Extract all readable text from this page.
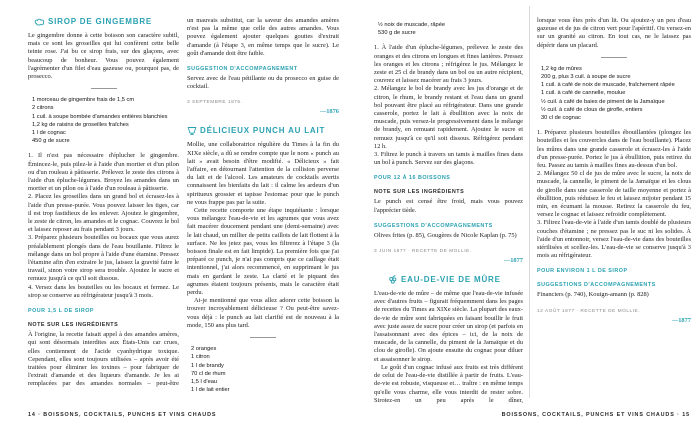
SIROP DE GINGEMBRE

Le gingembre donne à cette boisson son caractère subtil, mais ce sont les groseilles qui lui confèrent cette belle teinte rose. J'ai bu ce sirop frais, sur des glaçons, avec beaucoup de bonheur. Vous pouvez également l'agrémenter d'un filet d'eau gazeuse ou, pourquoi pas, de prosecco.

1 morceau de gingembre frais de 1,5 cm
2 citrons
1 cuil. à soupe bombée d'amandes entières blanchies
1,2 kg de raisins de groseilles fraîches
1 l de cognac
450 g de sucre

1. Il n'est pas nécessaire d'éplucher le gingembre. Émincez-le, puis pilez-le à l'aide d'un mortier et d'un pilon ou d'un rouleau à pâtisserie. Prélevez le zeste des citrons à l'aide d'un épluche-légumes. Broyez les amandes dans un mortier et un pilon ou à l'aide d'un rouleau à pâtisserie.

2. Placez les groseilles dans un grand bol et écrasez-les à l'aide d'un presse-purée. Vous pouvez laisser les tiges, car il est trop fastidieux de les enlever. Ajoutez le gingembre, le zeste de citron, les amandes et le cognac. Couvrez le bol et laissez reposer au frais pendant 3 jours.

3. Préparez plusieurs bouteilles ou bocaux que vous aurez préalablement plongés dans de l'eau bouillante. Filtrez le mélange dans un bol propre à l'aide d'une étamine. Pressez l'étamine afin d'en extraire le jus, laissez la gravité faire le travail, sinon votre sirop sera trouble. Ajoutez le sucre et remuez jusqu'à ce qu'il soit dissous.

4. Versez dans les bouteilles ou les bocaux et fermez. Le sirop se conserve au réfrigérateur jusqu'à 3 mois.

POUR 1,5 L DE SIROP
NOTE SUR LES INGRÉDIENTS

À l'origine, la recette faisait appel à des amandes amères, qui sont désormais interdites aux États-Unis car crues, elles contiennent de l'acide cyanhydrique toxique. Cependant, elles sont toujours utilisées – après avoir été traitées pour éliminer les toxines – pour fabriquer de l'extrait d'amande et des liqueurs d'amande. Je les ai remplacées par des amandes normales – peut-être

un mauvais substitut, car la saveur des amandes amères n'est pas la même que celle des autres amandes. Vous pouvez également ajouter quelques gouttes d'extrait d'amande (à l'étape 3, en même temps que le sucre). Le goût d'amande doit être faible.

SUGGESTION D'ACCOMPAGNEMENT

Servez avec de l'eau pétillante ou du prosecco en guise de cocktail.

3 SEPTEMBRE 1876.
—1876
DÉLICIEUX PUNCH AU LAIT

Mollie, une collaboratrice régulière du Times à la fin du XIXe siècle, a dû se rendre compte que le nom « punch au lait » avait besoin d'être modifié. « Délicieux » fait l'affaire, en détournant l'attention de la collision perverse du lait et de l'alcool. Les amateurs de cocktails avertis connaissent les bienfaits du lait : il calme les ardeurs d'un spiritueux grossier et tapisse l'estomac pour que le punch ne vous frappe pas par la suite.

Cette recette comporte une étape inquiétante : lorsque vous mélangez l'eau-de-vie et les agrumes que vous avez fait macérer doucement pendant une (demi-semaine) avec le lait chaud, un millier de petits caillots de lait flottent à la surface. Ne les jetez pas, vous les filtrerez à l'étape 3 (la boisson finale est en fait limpide). La première fois que j'ai préparé ce punch, je n'ai pas compris que ce caillage était intentionnel, j'ai alors recommencé, en supprimant le jus mais en gardant le zeste. La clarté et le piquant des agrumes étaient toujours présents, mais le caractère était perdu.

Ai-je mentionné que vous allez adorer cette boisson la trouver incroyablement délicieuse ? Ou peut-être savez-vous déjà : le punch au lait clarifié est de nouveau à la mode, 150 ans plus tard.

2 oranges
1 citron
1 l de brandy
70 cl de rhum
1,5 l d'eau
1 l de lait entier
½ noix de muscade, râpée
530 g de sucre

1. À l'aide d'un épluche-légumes, prélevez le zeste des oranges et des citrons en longues et fines lanières. Pressez les oranges et les citrons ; réfrigérez le jus. Mélangez le zeste et 25 cl de brandy dans un bol ou un autre récipient, couvrez et laissez macérer au frais 3 jours.

2. Mélangez le bol de brandy avec les jus d'orange et de citron, le rhum, le brandy restant et l'eau dans un grand bol pouvant être placé au réfrigérateur. Dans une grande casserole, portez le lait à ébullition avec la noix de muscade, puis versez-le progressivement dans le mélange de brandy, en remuant rapidement. Ajoutez le sucre et remuez jusqu'à ce qu'il soit dissous. Réfrigérez pendant 12 h.

3. Filtrez le punch à travers un tamis à mailles fines dans un bol à punch. Servez sur des glaçons.

POUR 12 À 16 BOISSONS
NOTE SUR LES INGRÉDIENTS

Le punch est censé être froid, mais vous pouvez l'apprécier tiède.

SUGGESTIONS D'ACCOMPAGNEMENTS

Olives frites (p. 85), Gougères de Nicole Kaplan (p. 75)

3 JUIN 1877 · RECETTE DE MOLLIE.
—1877
EAU-DE-VIE DE MÛRE

L'eau-de-vie de mûre – de même que l'eau-de-vie infusée avec d'autres fruits – figurait fréquemment dans les pages de recettes du Times au XIXe siècle. La plupart des eaux-de-vie de mûre sont fabriquées en faisant bouillir le fruit avec juste assez de sucre pour créer un sirop (et parfois en l'assaisonnant avec des épices – ici, de la noix de muscade, de la cannelle, du piment de la Jamaïque et du clou de girofle). On ajoute ensuite du cognac pour diluer et assaisonner le sirop.

Le goût d'un cognac infusé aux fruits est très différent de celui de l'eau-de-vie distillée à partir de fruits. L'eau-de-vie est robuste, visqueuse et… traître : en même temps qu'elle vous charme, elle vous interdit de rester sobre. Sirotez-en un peu après le dîner,

lorsque vous êtes près d'un lit. Ou ajoutez-y un peu d'eau gazeuse et de jus de citron vert pour l'apéritif. Ou versez-en sur un granité au citron. En tout cas, ne le laissez pas dépérir dans un placard.

1,2 kg de mûres
200 g, plus 3 cuil. à soupe de sucre
1 cuil. à café de noix de muscade, fraîchement râpée
1 cuil. à café de cannelle, moulue
½ cuil. à café de baies de piment de la Jamaïque
½ cuil. à café de clous de girofle, entiers
30 cl de cognac

1. Préparez plusieurs bouteilles ébouillantées (plongez les bouteilles et les couvercles dans de l'eau bouillante). Placez les mûres dans une grande casserole et écrasez-les à l'aide d'un presse-purée. Portez le jus à ébullition, puis retirez du feu. Passez au tamis à mailles fines au-dessus d'un bol.

2. Mélangez 50 cl de jus de mûre avec le sucre, la noix de muscade, la cannelle, le piment de la Jamaïque et les clous de girofle dans une casserole de taille moyenne et portez à ébullition, puis réduisez le feu et laissez mijoter pendant 15 min, en écumant la mousse. Retirez la casserole du feu, versez le cognac et laissez refroidir complètement.

3. Filtrez l'eau-de-vie à l'aide d'un tamis doublé de plusieurs couches d'étamine ; ne pressez pas le suc ni les solides. À l'aide d'un entonnoir, versez l'eau-de-vie dans des bouteilles stérilisées et scellez-les. L'eau-de-vie se conserve jusqu'à 3 mois au réfrigérateur.

POUR ENVIRON 1 L DE SIROP
SUGGESTIONS D'ACCOMPAGNEMENTS

Financiers (p. 740), Kouign-amann (p. 828)

12 AOÛT 1877 · RECETTE DE MOLLIE.
—1877
14 · BOISSONS, COCKTAILS, PUNCHS ET VINS CHAUDS	BOISSONS, COCKTAILS, PUNCHS ET VINS CHAUDS · 15
